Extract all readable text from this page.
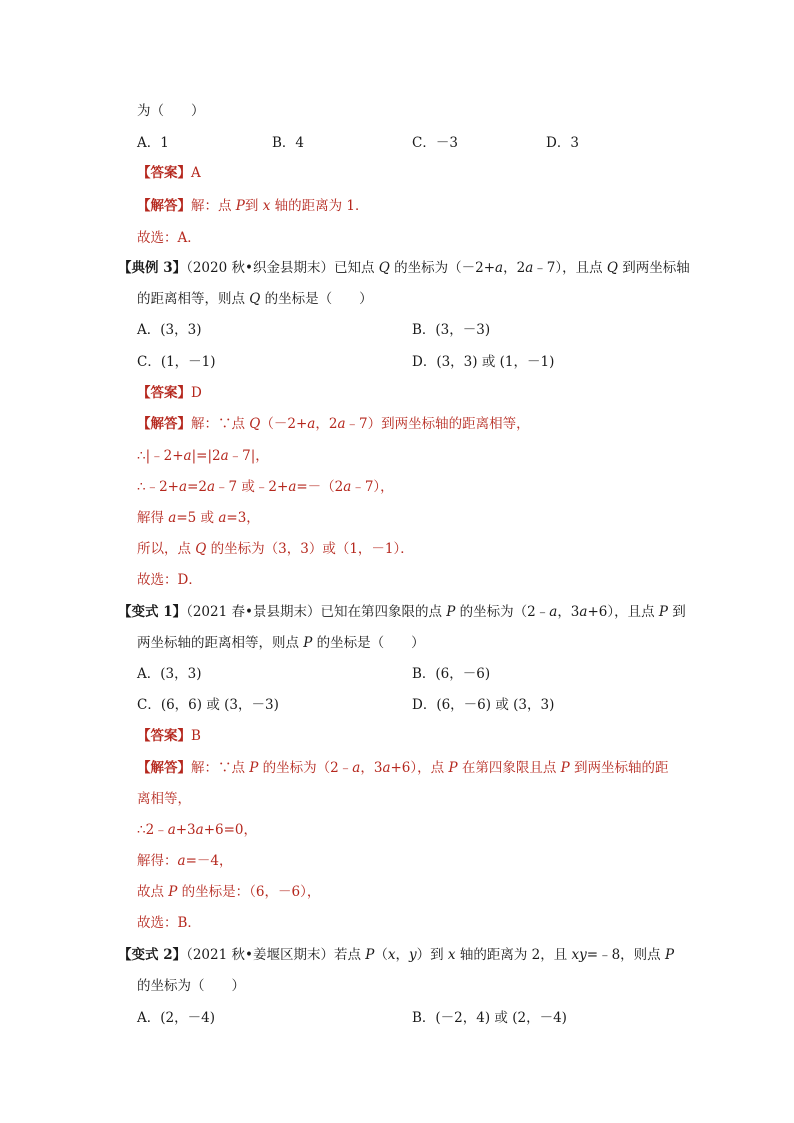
为（　　）
A．1	B．4	C．－3	D．3
【答案】A
【解答】解：点 P到 x 轴的距离为 1．
故选：A．
【典例 3】（2020 秋•织金县期末）已知点 Q 的坐标为（－2+a，2a﹣7），且点 Q 到两坐标轴
的距离相等，则点 Q 的坐标是（　　）
A．(3，3)	B．(3，－3)
C．(1，－1)	D．(3，3) 或 (1，－1)
【答案】D
【解答】解：∵点 Q（－2+a，2a﹣7）到两坐标轴的距离相等，
∴|﹣2+a|=|2a﹣7|，
∴﹣2+a=2a﹣7 或﹣2+a=－（2a﹣7），
解得 a=5 或 a=3，
所以，点 Q 的坐标为（3，3）或（1，－1）．
故选：D．
【变式 1】（2021 春•景县期末）已知在第四象限的点 P 的坐标为（2﹣a，3a+6），且点 P 到
两坐标轴的距离相等，则点 P 的坐标是（　　）
A．(3，3)	B．(6，－6)
C．(6，6) 或 (3，－3)	D．(6，－6) 或 (3，3)
【答案】B
【解答】解：∵点 P 的坐标为（2﹣a，3a+6），点 P 在第四象限且点 P 到两坐标轴的距
离相等，
∴2﹣a+3a+6=0，
解得：a=－4，
故点 P 的坐标是：（6，－6），
故选：B．
【变式 2】（2021 秋•姜堰区期末）若点 P（x，y）到 x 轴的距离为 2，且 xy=﹣8，则点 P
的坐标为（　　）
A．(2，－4)	B．(－2，4) 或 (2，－4)
